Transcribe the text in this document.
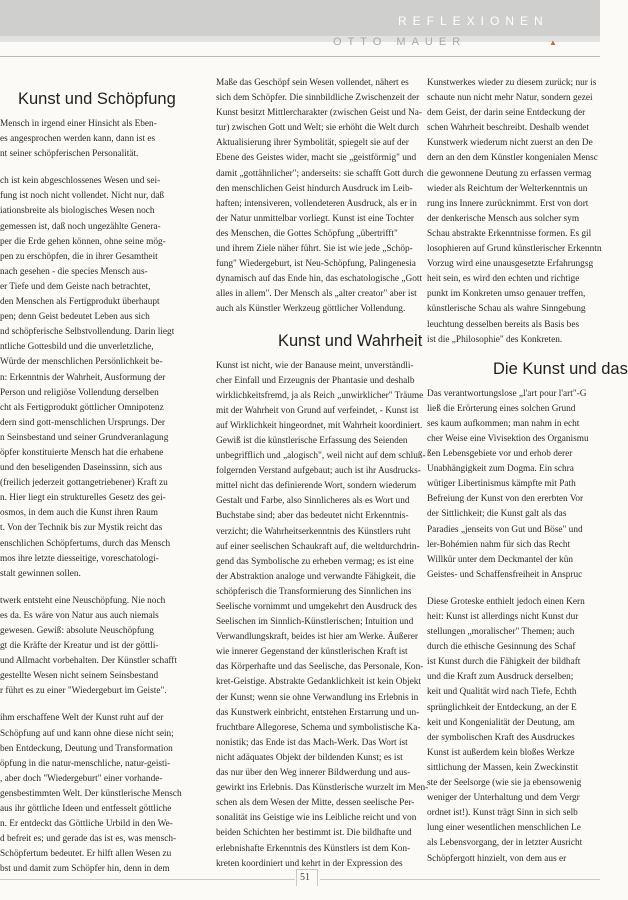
REFLEXIONEN
OTTO MAUER	▲
Kunst und Schöpfung

Mensch in irgend einer Hinsicht als Eben-
es angesprochen werden kann, dann ist es
nt seiner schöpferischen Personalität.

ch ist kein abgeschlossenes Wesen und sei-
fung ist noch nicht vollendet. Nicht nur, daß
iationsbreite als biologisches Wesen noch
gemessen ist, daß noch ungezählte Genera-
per die Erde gehen können, ohne seine mög-
pen zu erschöpfen, die in ihrer Gesamtheit
nach gesehen - die species Mensch aus-
er Tiefe und dem Geiste nach betrachtet,
den Menschen als Fertigprodukt überhaupt
pen; denn Geist bedeutet Leben aus sich
nd schöpferische Selbstvollendung. Darin liegt
ntliche Gottesbild und die unverletzliche,
Würde der menschlichen Persönlichkeit be-
n: Erkenntnis der Wahrheit, Ausformung der
Person und religiöse Vollendung derselben
cht als Fertigprodukt göttlicher Omnipotenz
dern sind gott-menschlichen Ursprungs. Der
n Seinsbestand und seiner Grundveranlagung
öpfer konstituierte Mensch hat die erhabene
und den beseligenden Daseinssinn, sich aus
(freilich jederzeit gottangetriebener) Kraft zu
n. Hier liegt ein strukturelles Gesetz des gei-
osmos, in dem auch die Kunst ihren Raum
t. Von der Technik bis zur Mystik reicht das
enschlichen Schöpfertums, durch das Mensch
mos ihre letzte diesseitige, voreschatologi-
stalt gewinnen sollen.

twerk entsteht eine Neuschöpfung. Nie noch
es da. Es wäre von Natur aus auch niemals
gewesen. Gewiß: absolute Neuschöpfung
gt die Kräfte der Kreatur und ist der göttli-
und Allmacht vorbehalten. Der Künstler schafft
gestellte Wesen nicht seinem Seinsbestand
r führt es zu einer "Wiedergeburt im Geiste".

ihm erschaffene Welt der Kunst ruht auf der
Schöpfung auf und kann ohne diese nicht sein;
ben Entdeckung, Deutung und Transformation
öpfung in die natur-menschliche, natur-geisti-
, aber doch "Wiedergeburt" einer vorhande-
gensbestimmten Welt. Der künstlerische Mensch
aus ihr göttliche Ideen und entfesselt göttliche
n. Er entdeckt das Göttliche Urbild in den We-
d befreit es; und gerade das ist es, was mensch-
Schöpfertum bedeutet. Er hilft allen Wesen zu
bst und damit zum Schöpfer hin, denn in dem

Maße das Geschöpf sein Wesen vollendet, nähert es
sich dem Schöpfer. Die sinnbildliche Zwischenzeit der
Kunst besitzt Mittlercharakter (zwischen Geist und Na-
tur) zwischen Gott und Welt; sie erhöht die Welt durch
Aktualisierung ihrer Symbolität, spiegelt sie auf der
Ebene des Geistes wider, macht sie „geistförmig" und
damit „gottähnlicher"; anderseits: sie schafft Gott durch
den menschlichen Geist hindurch Ausdruck im Leib-
haften; intensiveren, vollendeteren Ausdruck, als er in
der Natur unmittelbar vorliegt. Kunst ist eine Tochter
des Menschen, die Gottes Schöpfung „übertrifft"
und ihrem Ziele näher führt. Sie ist wie jede „Schöp-
fung" Wiedergeburt, ist Neu-Schöpfung, Palingenesia
dynamisch auf das Ende hin, das eschatologische „Gott
alles in allem". Der Mensch als „alter creator" aber ist
auch als Künstler Werkzeug göttlicher Vollendung.

Kunst und Wahrheit

Kunst ist nicht, wie der Banause meint, unverständli-
cher Einfall und Erzeugnis der Phantasie und deshalb
wirklichkeitsfremd, ja als Reich „unwirklicher" Träume
mit der Wahrheit von Grund auf verfeindet, - Kunst ist
auf Wirklichkeit hingeordnet, mit Wahrheit koordiniert.
Gewiß ist die künstlerische Erfassung des Seienden
unbegrifflich und „alogisch", weil nicht auf dem schluß-
folgernden Verstand aufgebaut; auch ist ihr Ausdrucks-
mittel nicht das definierende Wort, sondern wiederum
Gestalt und Farbe, also Sinnlicheres als es Wort und
Buchstabe sind; aber das bedeutet nicht Erkenntnis-
verzicht; die Wahrheitserkenntnis des Künstlers ruht
auf einer seelischen Schaukraft auf, die weltdurchdrin-
gend das Symbolische zu erheben vermag; es ist eine
der Abstraktion analoge und verwandte Fähigkeit, die
schöpferisch die Transformierung des Sinnlichen ins
Seelische vornimmt und umgekehrt den Ausdruck des
Seelischen im Sinnlich-Künstlerischen; Intuition und
Verwandlungskraft, beides ist hier am Werke. Äußerer
wie innerer Gegenstand der künstlerischen Kraft ist
das Körperhafte und das Seelische, das Personale, Kon-
kret-Geistige. Abstrakte Gedanklichkeit ist kein Objekt
der Kunst; wenn sie ohne Verwandlung ins Erlebnis in
das Kunstwerk einbricht, entstehen Erstarrung und un-
fruchtbare Allegorese, Schema und symbolistische Ka-
nonistik; das Ende ist das Mach-Werk. Das Wort ist
nicht adäquates Objekt der bildenden Kunst; es ist
das nur über den Weg innerer Bildwerdung und aus-
gewirkt ins Erlebnis. Das Künstlerische wurzelt im Men-
schen als dem Wesen der Mitte, dessen seelische Per-
sonalität ins Geistige wie ins Leibliche reicht und von
beiden Schichten her bestimmt ist. Die bildhafte und
erlebnishafte Erkenntnis des Künstlers ist dem Kon-
kreten koordiniert und kehrt in der Expression des

Kunstwerkes wieder zu diesem zurück; nur is
schaute nun nicht mehr Natur, sondern gezei
dem Geist, der darin seine Entdeckung der
schen Wahrheit beschreibt. Deshalb wendet
Kunstwerk wiederum nicht zuerst an den De
dern an den dem Künstler kongenialen Mensc
die gewonnene Deutung zu erfassen vermag
wieder als Reichtum der Welterkenntnis un
rung ins Innere zurücknimmt. Erst von dort
der denkerische Mensch aus solcher sym
Schau abstrakte Erkenntnisse formen. Es gil
losophieren auf Grund künstlerischer Erkenntn
Vorzug wird eine unausgesetzte Erfahrungsg
heit sein, es wird den echten und richtige
punkt im Konkreten umso genauer treffen,
künstlerische Schau als wahre Sinngebung
leuchtung desselben bereits als Basis bes
ist die „Philosophie" des Konkreten.

Die Kunst und das

Das verantwortungslose „l'art pour l'art"-G
ließ die Erörterung eines solchen Grund
ses kaum aufkommen; man nahm in echt
cher Weise eine Vivisektion des Organismu
ßen Lebensgebiete vor und erhob derer
Unabhängigkeit zum Dogma. Ein schra
wütiger Libertinismus kämpfte mit Path
Befreiung der Kunst von den ererbten Vor
der Sittlichkeit; die Kunst galt als das
Paradies „jenseits von Gut und Böse" und
ler-Bohémien nahm für sich das Recht
Willkür unter dem Deckmantel der kün
Geistes- und Schaffensfreiheit in Anspruc

Diese Groteske enthielt jedoch einen Kern
heit: Kunst ist allerdings nicht Kunst dur
stellungen „moralischer" Themen; auch
durch die ethische Gesinnung des Schaf
ist Kunst durch die Fähigkeit der bildhaft
und die Kraft zum Ausdruck derselben;
keit und Qualität wird nach Tiefe, Echth
sprünglichkeit der Entdeckung, an der E
keit und Kongenialität der Deutung, am
der symbolischen Kraft des Ausdruckes
Kunst ist außerdem kein bloßes Werkze
sittlichung der Massen, kein Zweckinstit
ste der Seelsorge (wie sie ja ebensowenig
weniger der Unterhaltung und dem Vergr
ordnet ist!). Kunst trägt Sinn in sich selb
lung einer wesentlichen menschlichen Le
als Lebensvorgang, der in letzter Ausricht
Schöpfergott hinzielt, von dem aus er

51
